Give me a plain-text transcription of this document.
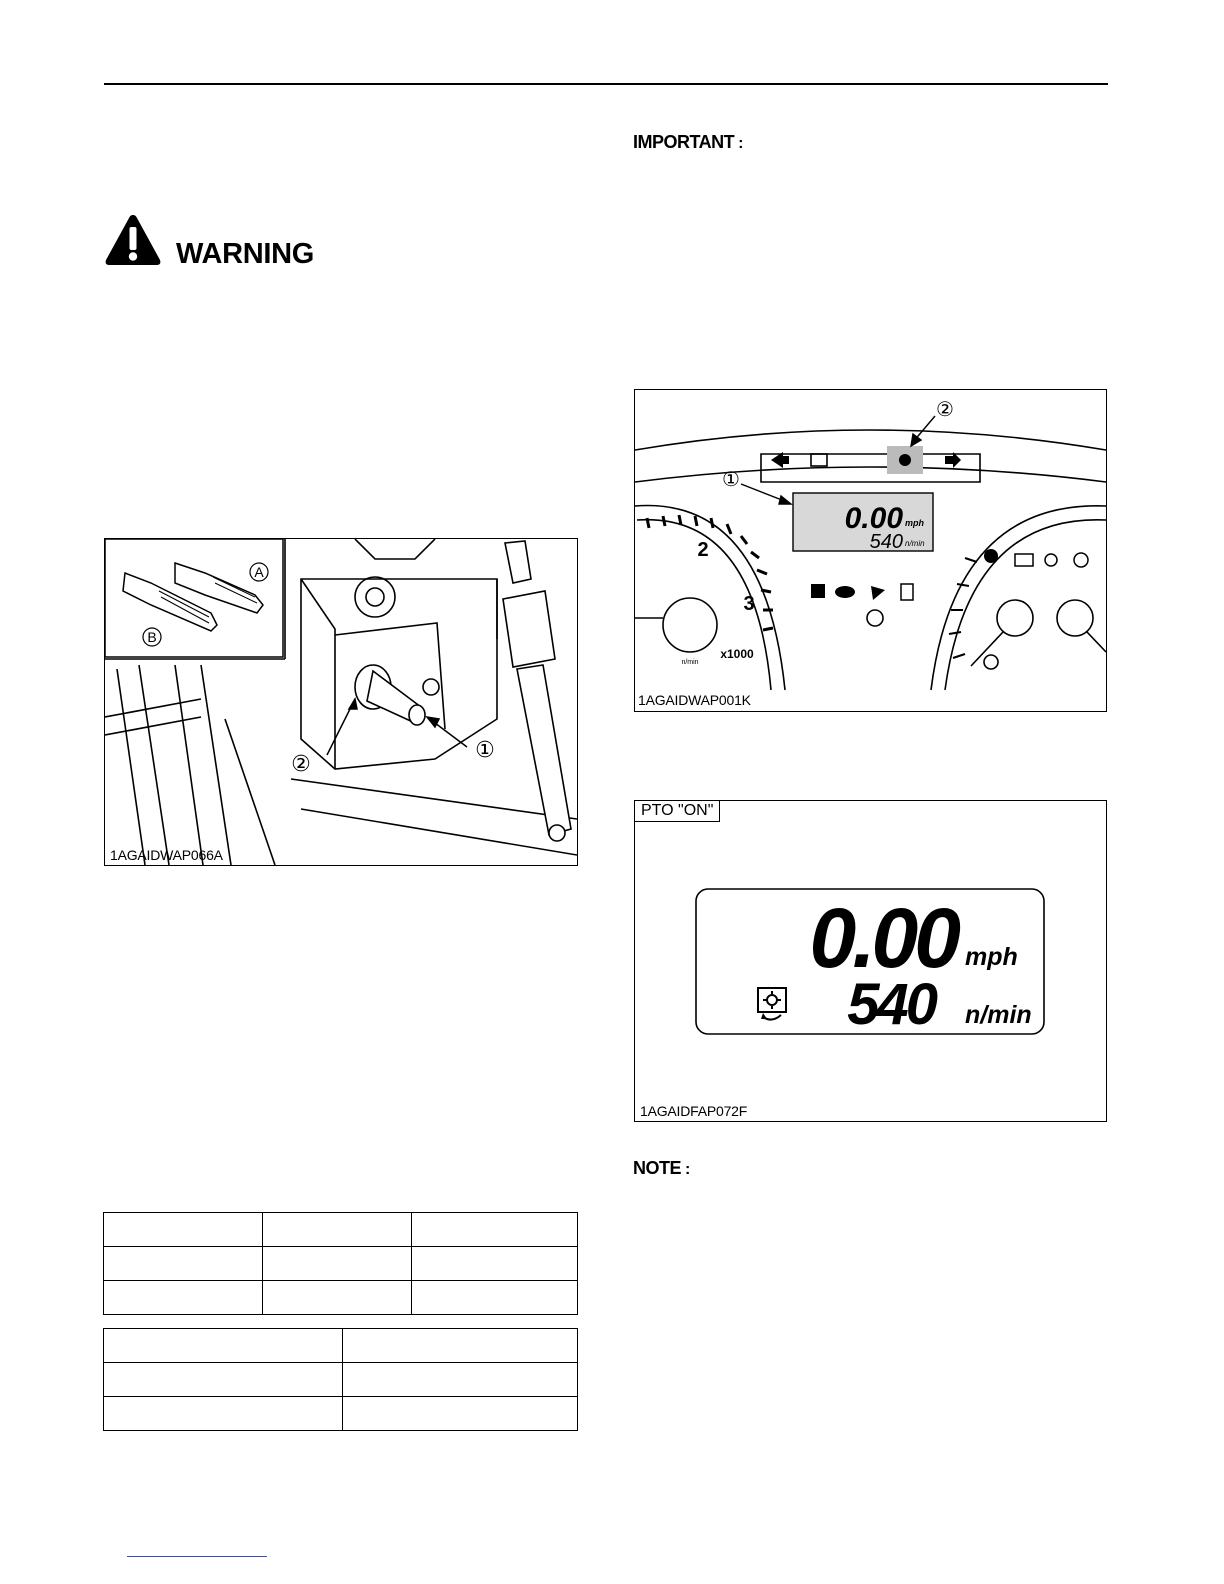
IMPORTANT :
WARNING
A
B
②
①
1AGAIDWAP066A
0.00 mph
540 n/min
2
3
x1000
n/min
①
②
1AGAIDWAP001K
PTO "ON"
0.00 mph
540 n/min
1AGAIDFAP072F
NOTE :
